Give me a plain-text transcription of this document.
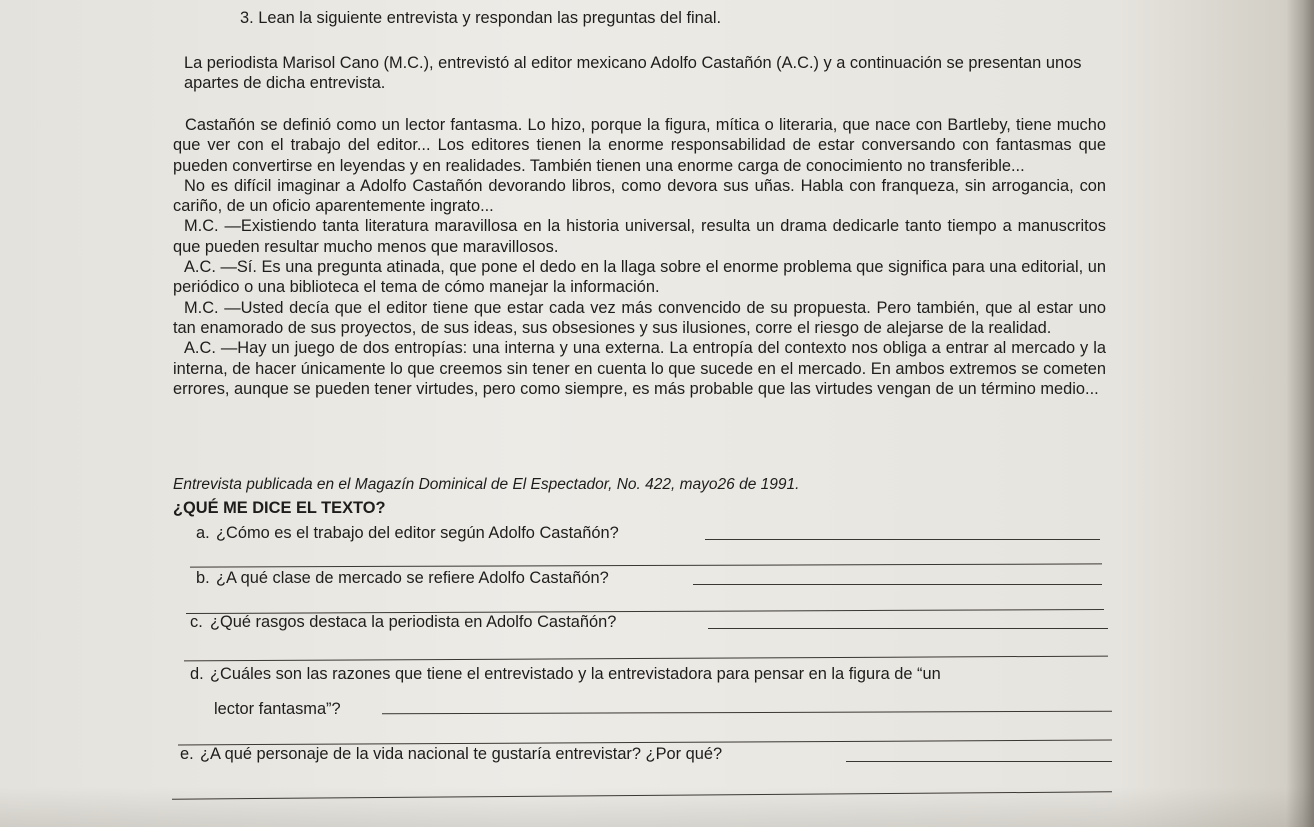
3. Lean la siguiente entrevista y respondan las preguntas del final.
La periodista Marisol Cano (M.C.), entrevistó al editor mexicano Adolfo Castañón (A.C.) y a continuación se presentan unos apartes de dicha entrevista.

Castañón se definió como un lector fantasma. Lo hizo, porque la figura, mítica o literaria, que nace con Bartleby, tiene mucho que ver con el trabajo del editor... Los editores tienen la enorme responsabilidad de estar conversando con fantasmas que pueden convertirse en leyendas y en realidades. También tienen una enorme carga de conocimiento no transferible...

No es difícil imaginar a Adolfo Castañón devorando libros, como devora sus uñas. Habla con franqueza, sin arrogancia, con cariño, de un oficio aparentemente ingrato...

M.C. —Existiendo tanta literatura maravillosa en la historia universal, resulta un drama dedicarle tanto tiempo a manuscritos que pueden resultar mucho menos que maravillosos.

A.C. —Sí. Es una pregunta atinada, que pone el dedo en la llaga sobre el enorme problema que significa para una editorial, un periódico o una biblioteca el tema de cómo manejar la información.

M.C. —Usted decía que el editor tiene que estar cada vez más convencido de su propuesta. Pero también, que al estar uno tan enamorado de sus proyectos, de sus ideas, sus obsesiones y sus ilusiones, corre el riesgo de alejarse de la realidad.

A.C. —Hay un juego de dos entropías: una interna y una externa. La entropía del contexto nos obliga a entrar al mercado y la interna, de hacer únicamente lo que creemos sin tener en cuenta lo que sucede en el mercado. En ambos extremos se cometen errores, aunque se pueden tener virtudes, pero como siempre, es más probable que las virtudes vengan de un término medio...

Entrevista publicada en el Magazín Dominical de El Espectador, No. 422, mayo26 de 1991.
¿QUÉ ME DICE EL TEXTO?
a. ¿Cómo es el trabajo del editor según Adolfo Castañón?
b. ¿A qué clase de mercado se refiere Adolfo Castañón?
c. ¿Qué rasgos destaca la periodista en Adolfo Castañón?
d. ¿Cuáles son las razones que tiene el entrevistado y la entrevistadora para pensar en la figura de “un
lector fantasma”?
e. ¿A qué personaje de la vida nacional te gustaría entrevistar? ¿Por qué?
